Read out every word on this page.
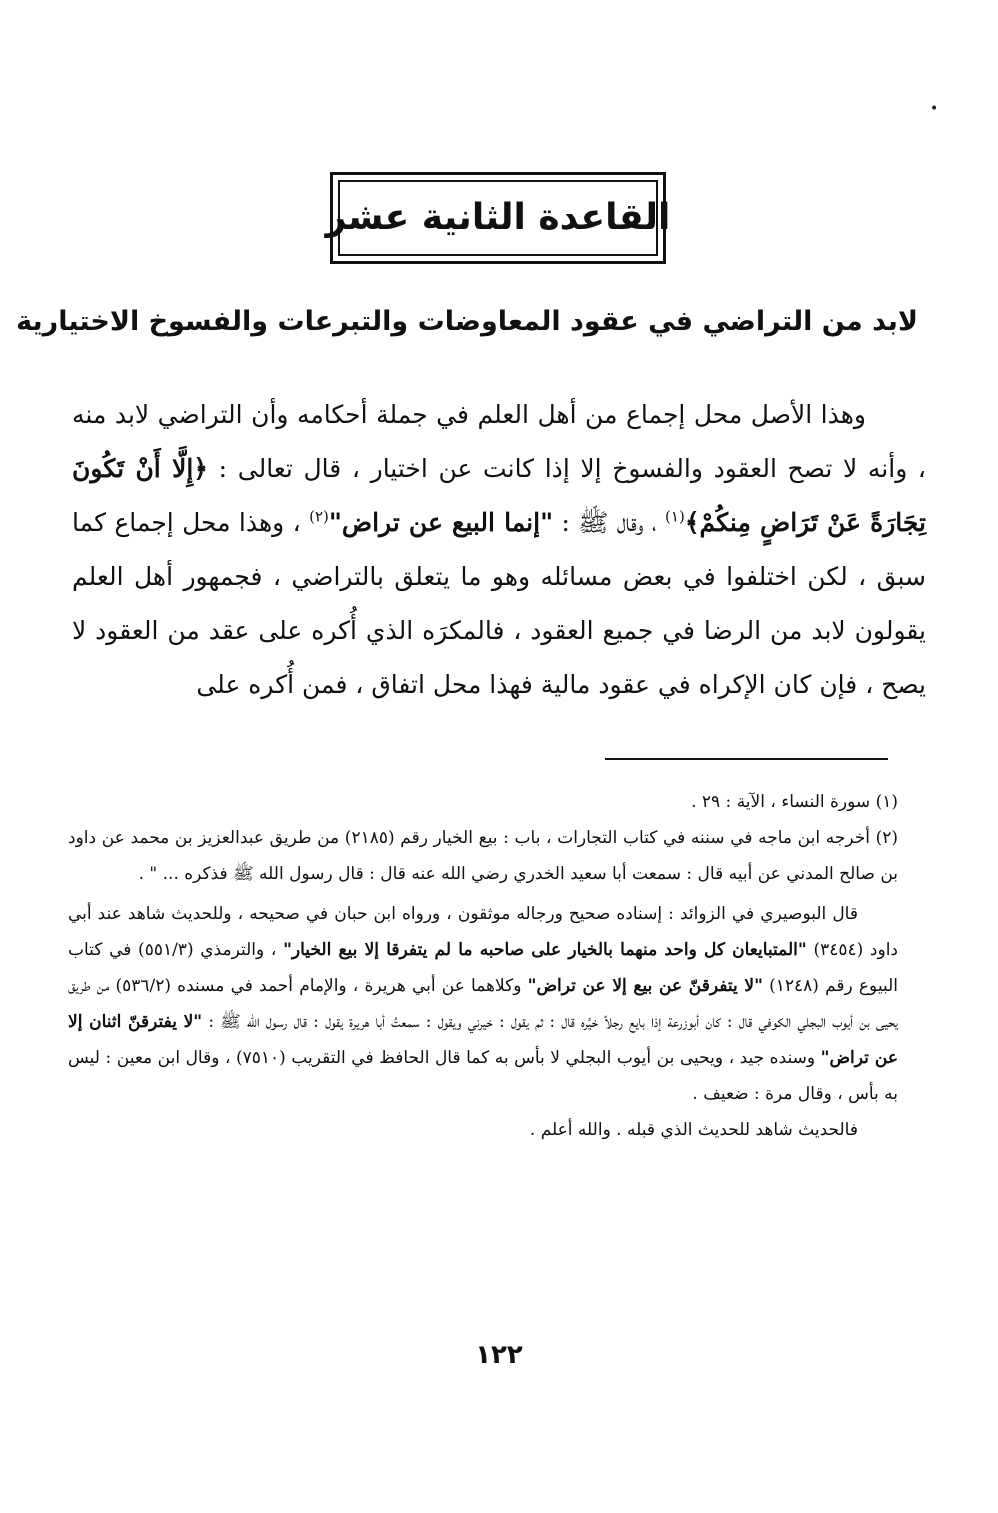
•
القاعدة الثانية عشر
لابد من التراضي في عقود المعاوضات والتبرعات والفسوخ الاختيارية

وهذا الأصل محل إجماع من أهل العلم في جملة أحكامه وأن التراضي لابد منه ، وأنه لا تصح العقود والفسوخ إلا إذا كانت عن اختيار ، قال تعالى : ﴿إِلَّا أَنْ تَكُونَ تِجَارَةً عَنْ تَرَاضٍ مِنكُمْ﴾$^{(١)}$ ، وقال ﷺ : "إنما البيع عن تراض"$^{(٢)}$ ، وهذا محل إجماع كما سبق ، لكن اختلفوا في بعض مسائله وهو ما يتعلق بالتراضي ، فجمهور أهل العلم يقولون لابد من الرضا في جميع العقود ، فالمكرَه الذي أُكره على عقد من العقود لا يصح ، فإن كان الإكراه في عقود مالية فهذا محل اتفاق ، فمن أُكره على

(١) سورة النساء ، الآية : ٢٩ .

(٢) أخرجه ابن ماجه في سننه في كتاب التجارات ، باب : بيع الخيار رقم (٢١٨٥) من طريق عبدالعزيز بن محمد عن داود بن صالح المدني عن أبيه قال : سمعت أبا سعيد الخدري رضي الله عنه قال : قال رسول الله ﷺ فذكره ... " .

قال البوصيري في الزوائد : إسناده صحيح ورجاله موثقون ، ورواه ابن حبان في صحيحه ، وللحديث شاهد عند أبي داود (٣٤٥٤) "المتبايعان كل واحد منهما بالخيار على صاحبه ما لم يتفرقا إلا بيع الخيار" ، والترمذي (٥٥١/٣) في كتاب البيوع رقم (١٢٤٨) "لا يتفرقنّ عن بيع إلا عن تراض" وكلاهما عن أبي هريرة ، والإمام أحمد في مسنده (٥٣٦/٢) من طريق يحيى بن أيوب البجلي الكوفي قال : كان أبوزرعة إذا بايع رجلاً خيَّره قال : ثم يقول : خيرني ويقول : سمعتُ أبا هريرة يقول : قال رسول الله ﷺ : "لا يفترقنّ اثنان إلا عن تراض" وسنده جيد ، ويحيى بن أيوب البجلي لا بأس به كما قال الحافظ في التقريب (٧٥١٠) ، وقال ابن معين : ليس به بأس ، وقال مرة : ضعيف .

فالحديث شاهد للحديث الذي قبله . والله أعلم .

١٢٢
